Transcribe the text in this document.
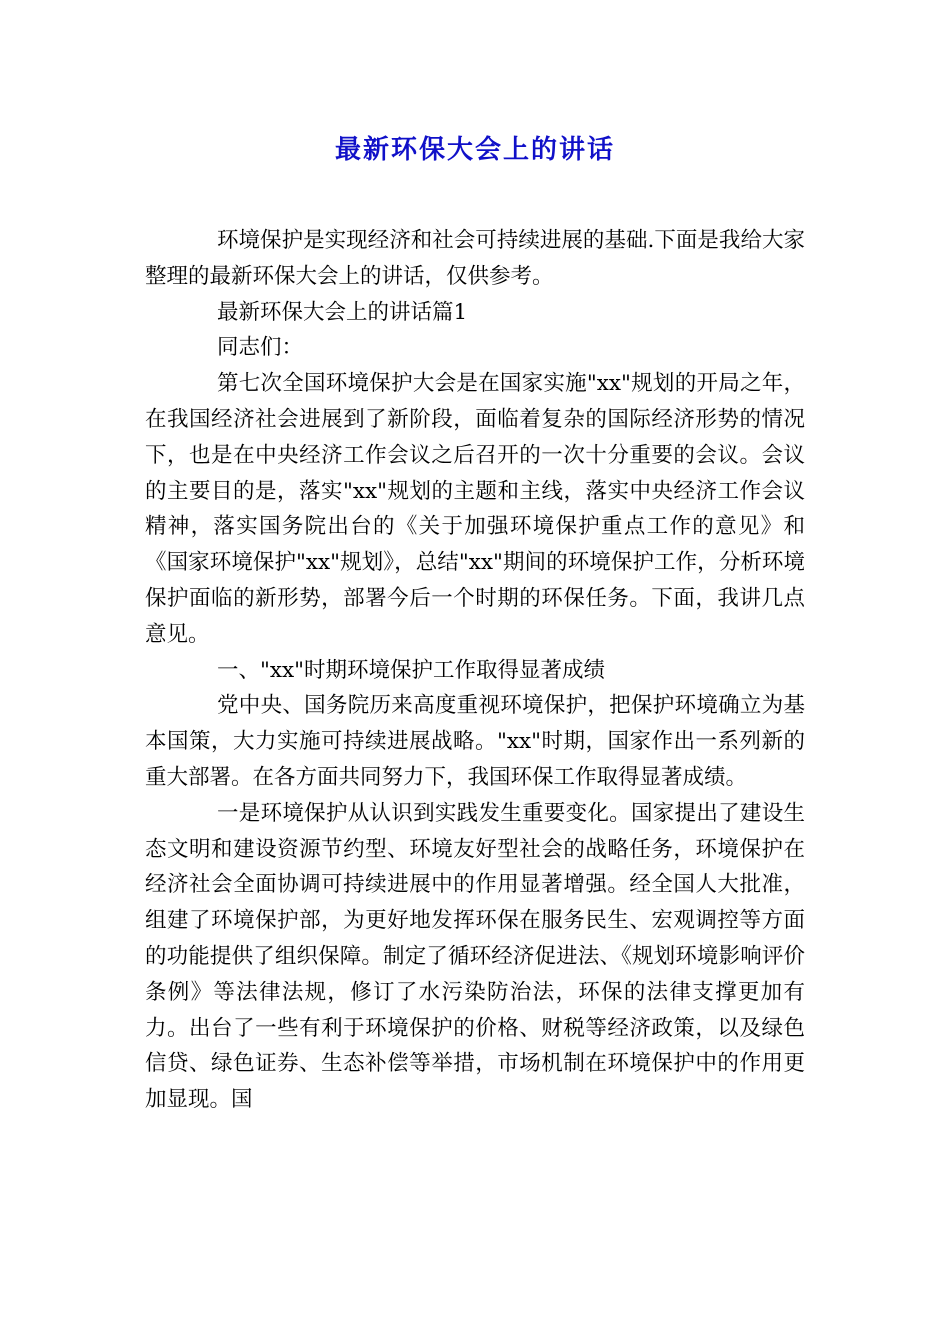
最新环保大会上的讲话

环境保护是实现经济和社会可持续进展的基础.下面是我给大家整理的最新环保大会上的讲话，仅供参考。

最新环保大会上的讲话篇1

同志们：

第七次全国环境保护大会是在国家实施"xx"规划的开局之年，在我国经济社会进展到了新阶段，面临着复杂的国际经济形势的情况下，也是在中央经济工作会议之后召开的一次十分重要的会议。会议的主要目的是，落实"xx"规划的主题和主线，落实中央经济工作会议精神，落实国务院出台的《关于加强环境保护重点工作的意见》和《国家环境保护"xx"规划》，总结"xx"期间的环境保护工作，分析环境保护面临的新形势，部署今后一个时期的环保任务。下面，我讲几点意见。

一、"xx"时期环境保护工作取得显著成绩

党中央、国务院历来高度重视环境保护，把保护环境确立为基本国策，大力实施可持续进展战略。"xx"时期，国家作出一系列新的重大部署。在各方面共同努力下，我国环保工作取得显著成绩。

一是环境保护从认识到实践发生重要变化。国家提出了建设生态文明和建设资源节约型、环境友好型社会的战略任务，环境保护在经济社会全面协调可持续进展中的作用显著增强。经全国人大批准，组建了环境保护部，为更好地发挥环保在服务民生、宏观调控等方面的功能提供了组织保障。制定了循环经济促进法、《规划环境影响评价条例》等法律法规，修订了水污染防治法，环保的法律支撑更加有力。出台了一些有利于环境保护的价格、财税等经济政策，以及绿色信贷、绿色证券、生态补偿等举措，市场机制在环境保护中的作用更加显现。国
